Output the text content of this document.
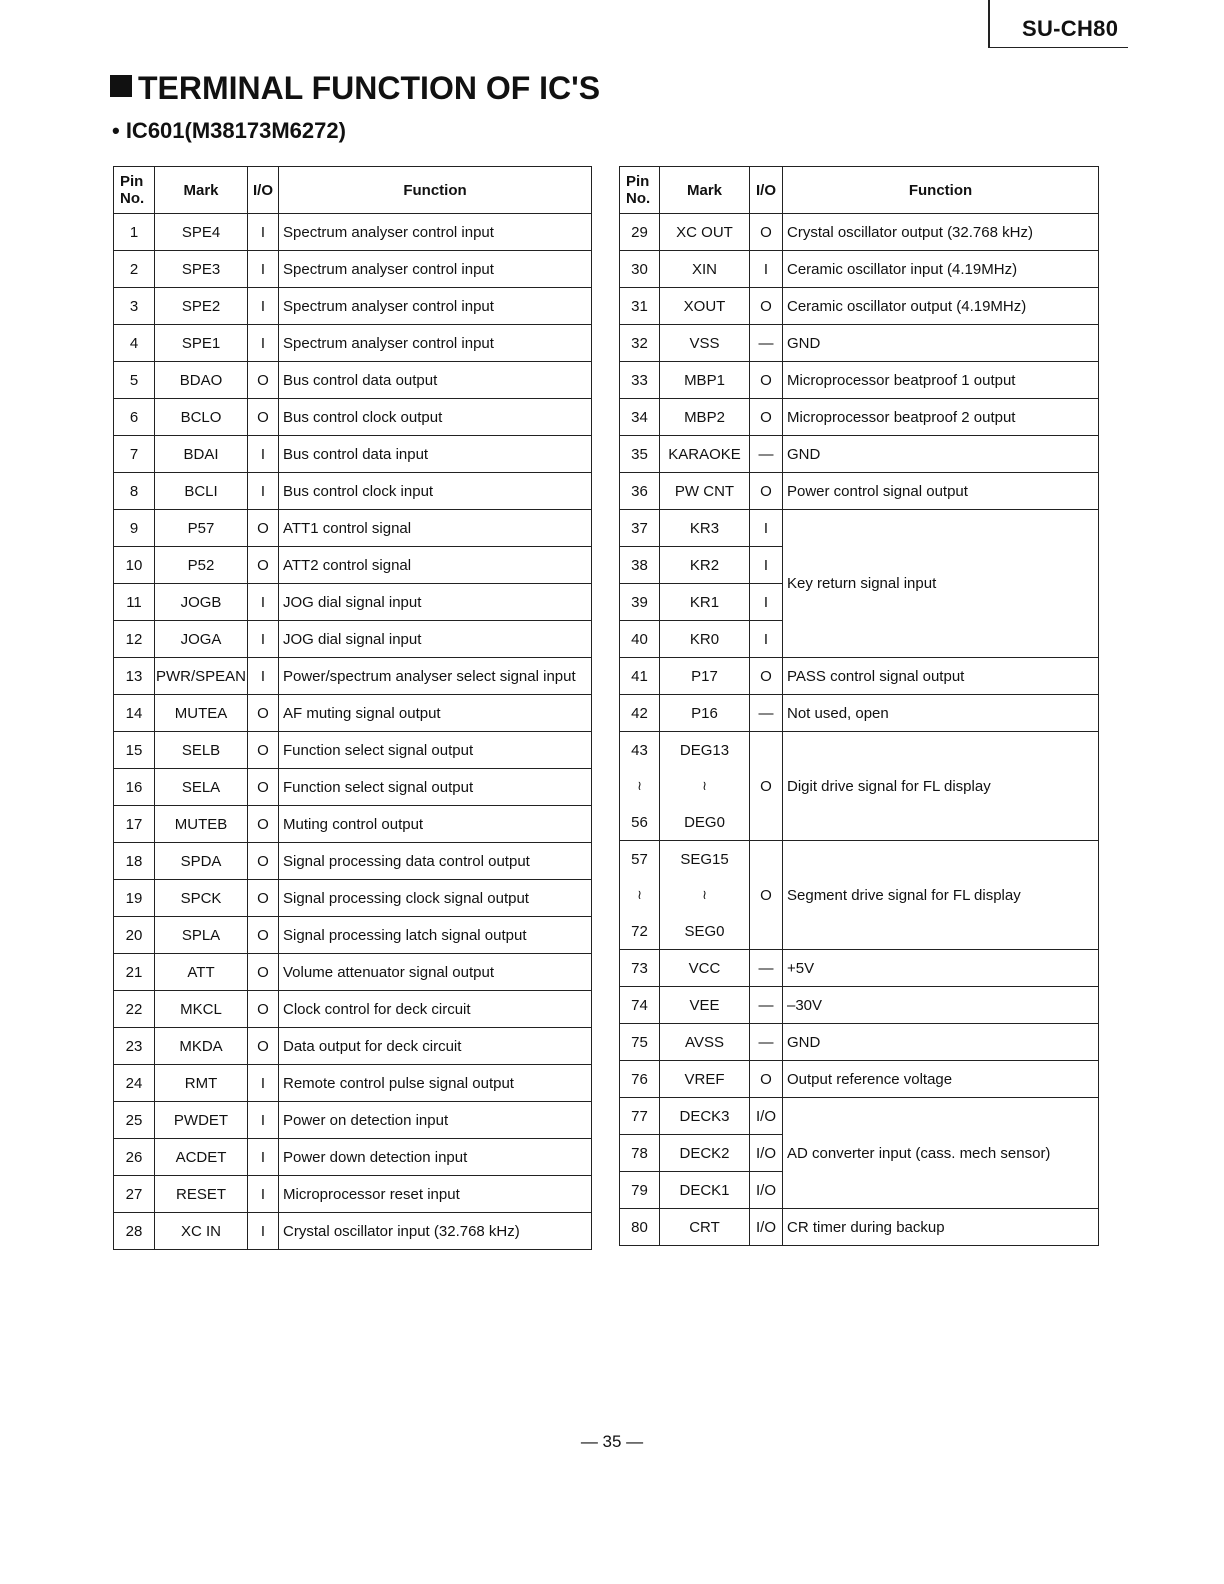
SU-CH80
TERMINAL FUNCTION OF IC'S
• IC601(M38173M6272)
Pin No.	Mark	I/O	Function
1	SPE4	I	Spectrum analyser control input
2	SPE3	I	Spectrum analyser control input
3	SPE2	I	Spectrum analyser control input
4	SPE1	I	Spectrum analyser control input
5	BDAO	O	Bus control data output
6	BCLO	O	Bus control clock output
7	BDAI	I	Bus control data input
8	BCLI	I	Bus control clock input
9	P57	O	ATT1 control signal
10	P52	O	ATT2 control signal
11	JOGB	I	JOG dial signal input
12	JOGA	I	JOG dial signal input
13	PWR/SPEAN	I	Power/spectrum analyser select signal input
14	MUTEA	O	AF muting signal output
15	SELB	O	Function select signal output
16	SELA	O	Function select signal output
17	MUTEB	O	Muting control output
18	SPDA	O	Signal processing data control output
19	SPCK	O	Signal processing clock signal output
20	SPLA	O	Signal processing latch signal output
21	ATT	O	Volume attenuator signal output
22	MKCL	O	Clock control for deck circuit
23	MKDA	O	Data output for deck circuit
24	RMT	I	Remote control pulse signal output
25	PWDET	I	Power on detection input
26	ACDET	I	Power down detection input
27	RESET	I	Microprocessor reset input
28	XC IN	I	Crystal oscillator input (32.768 kHz)
Pin No.	Mark	I/O	Function
29	XC OUT	O	Crystal oscillator output (32.768 kHz)
30	XIN	I	Ceramic oscillator input (4.19MHz)
31	XOUT	O	Ceramic oscillator output (4.19MHz)
32	VSS	—	GND
33	MBP1	O	Microprocessor beatproof 1 output
34	MBP2	O	Microprocessor beatproof 2 output
35	KARAOKE	—	GND
36	PW CNT	O	Power control signal output
37	KR3	I	Key return signal input
38	KR2	I	
39	KR1	I	
40	KR0	I	
41	P17	O	PASS control signal output
42	P16	—	Not used, open
43	DEG13	O	Digit drive signal for FL display
≀	≀		
56	DEG0		
57	SEG15	O	Segment drive signal for FL display
≀	≀		
72	SEG0		
73	VCC	—	+5V
74	VEE	—	–30V
75	AVSS	—	GND
76	VREF	O	Output reference voltage
77	DECK3	I/O	AD converter input (cass. mech sensor)
78	DECK2	I/O	
79	DECK1	I/O	
80	CRT	I/O	CR timer during backup
— 35 —
